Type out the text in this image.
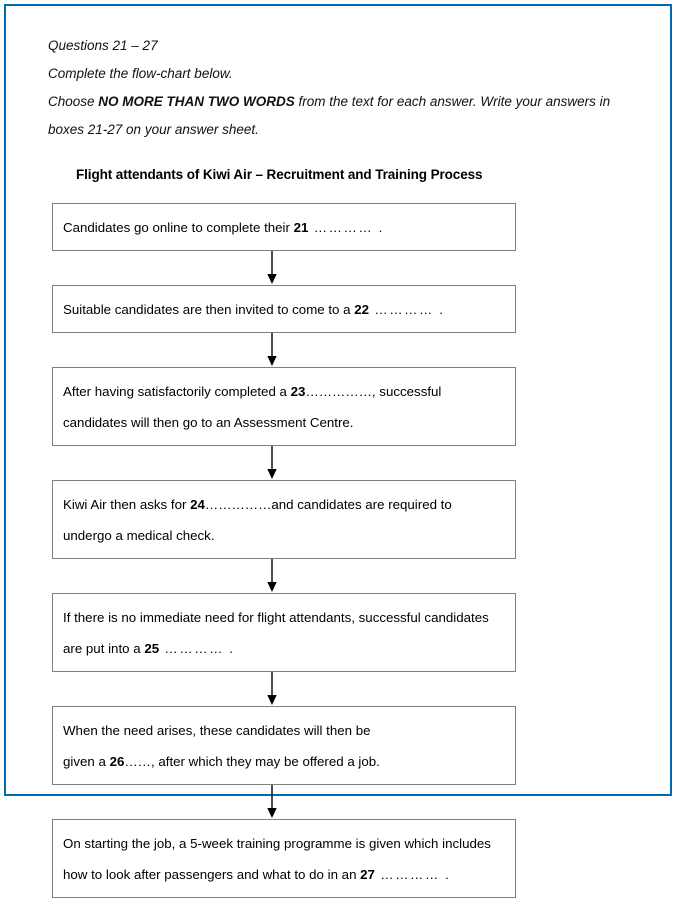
Questions 21 – 27

Complete the flow-chart below.

Choose NO MORE THAN TWO WORDS from the text for each answer. Write your answers in

boxes 21-27 on your answer sheet.

Flight attendants of Kiwi Air – Recruitment and Training Process
Candidates go online to complete their 21 ………… .
Suitable candidates are then invited to come to a 22 ………… .
After having satisfactorily completed a 23……………, successful
candidates will then go to an Assessment Centre.
Kiwi Air then asks for 24……………and candidates are required to
undergo a medical check.
If there is no immediate need for flight attendants, successful candidates
are put into a 25 ………… .
When the need arises, these candidates will then be
given a 26……, after which they may be offered a job.
On starting the job, a 5-week training programme is given which includes
how to look after passengers and what to do in an 27 ………… .
